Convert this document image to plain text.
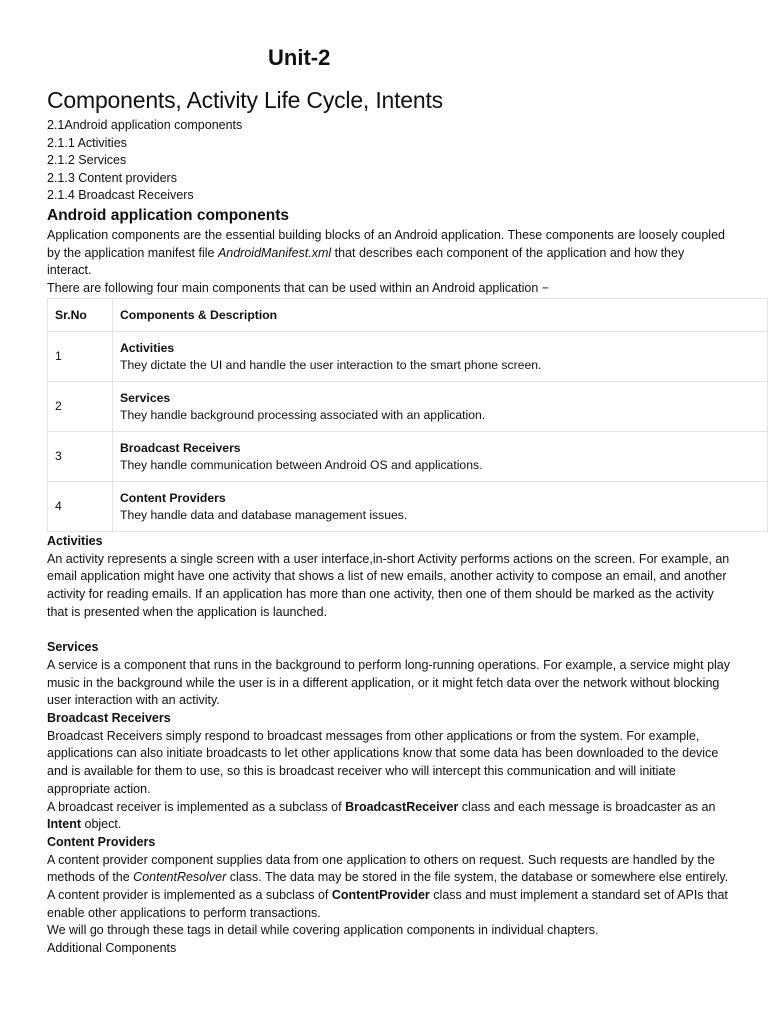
Unit-2
Components, Activity Life Cycle, Intents
2.1Android application components
2.1.1 Activities
2.1.2 Services
2.1.3 Content providers
2.1.4 Broadcast Receivers
Android application components

Application components are the essential building blocks of an Android application. These components are loosely coupled by the application manifest file AndroidManifest.xml that describes each component of the application and how they interact.

There are following four main components that can be used within an Android application −

Sr.No	Components & Description
1	Activities
They dictate the UI and handle the user interaction to the smart phone screen.
2	Services
They handle background processing associated with an application.
3	Broadcast Receivers
They handle communication between Android OS and applications.
4	Content Providers
They handle data and database management issues.

Activities

An activity represents a single screen with a user interface,in-short Activity performs actions on the screen. For example, an email application might have one activity that shows a list of new emails, another activity to compose an email, and another activity for reading emails. If an application has more than one activity, then one of them should be marked as the activity that is presented when the application is launched.

Services

A service is a component that runs in the background to perform long-running operations. For example, a service might play music in the background while the user is in a different application, or it might fetch data over the network without blocking user interaction with an activity.

Broadcast Receivers

Broadcast Receivers simply respond to broadcast messages from other applications or from the system. For example, applications can also initiate broadcasts to let other applications know that some data has been downloaded to the device and is available for them to use, so this is broadcast receiver who will intercept this communication and will initiate appropriate action.

A broadcast receiver is implemented as a subclass of BroadcastReceiver class and each message is broadcaster as an Intent object.

Content Providers

A content provider component supplies data from one application to others on request. Such requests are handled by the methods of the ContentResolver class. The data may be stored in the file system, the database or somewhere else entirely.

A content provider is implemented as a subclass of ContentProvider class and must implement a standard set of APIs that enable other applications to perform transactions.

We will go through these tags in detail while covering application components in individual chapters.

Additional Components
